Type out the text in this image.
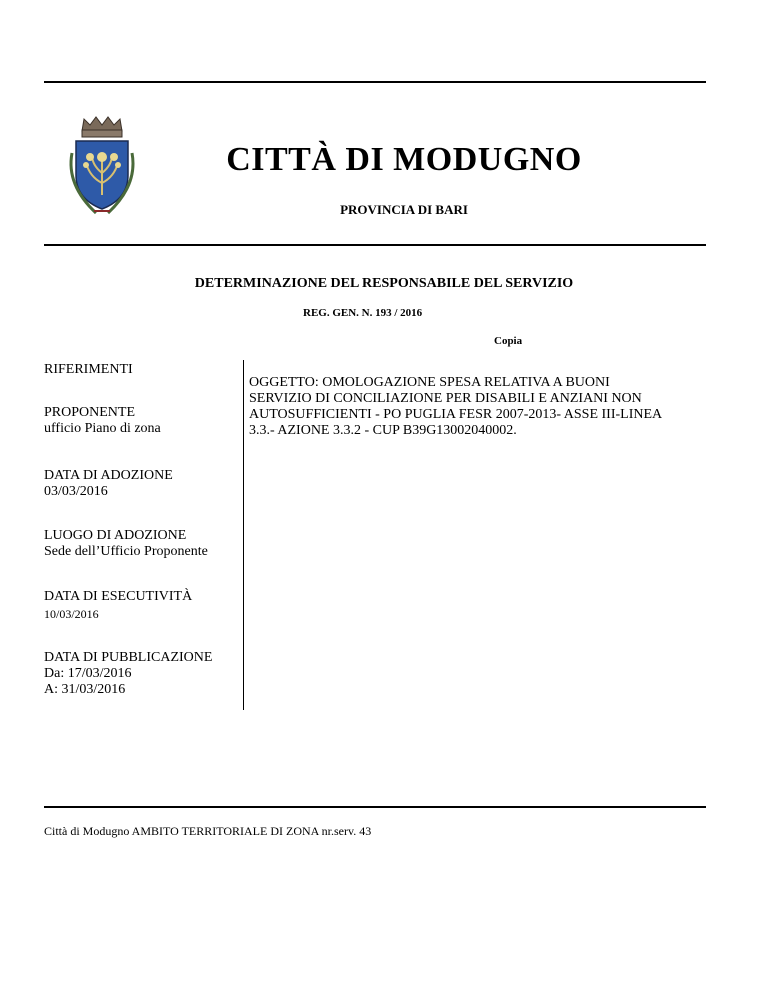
CITTÀ DI MODUGNO
PROVINCIA DI BARI
DETERMINAZIONE DEL RESPONSABILE DEL SERVIZIO
REG. GEN. N. 193 / 2016
Copia
RIFERIMENTI
PROPONENTE
ufficio Piano di zona
DATA DI ADOZIONE
03/03/2016
LUOGO DI ADOZIONE
Sede dell’Ufficio Proponente
DATA DI ESECUTIVITÀ
10/03/2016
DATA DI PUBBLICAZIONE
Da: 17/03/2016
A: 31/03/2016
OGGETTO: OMOLOGAZIONE SPESA RELATIVA A BUONI
SERVIZIO DI CONCILIAZIONE PER DISABILI E ANZIANI NON
AUTOSUFFICIENTI - PO PUGLIA FESR 2007-2013- ASSE III-LINEA
3.3.- AZIONE 3.3.2 - CUP B39G13002040002.
Città di Modugno AMBITO TERRITORIALE DI ZONA nr.serv. 43
